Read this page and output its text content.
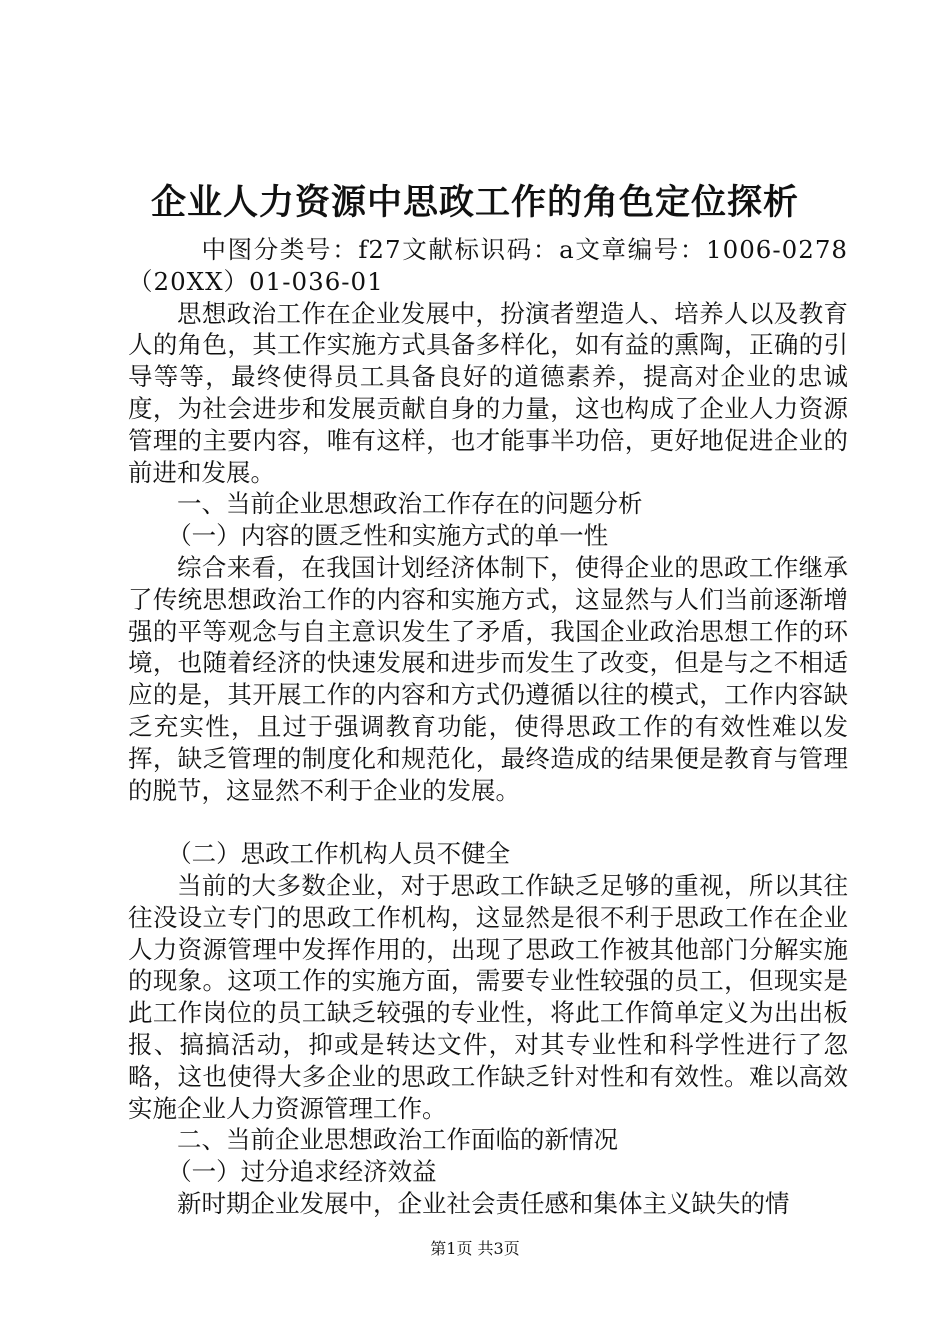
企业人力资源中思政工作的角色定位探析

中图分类号：f27文献标识码：a文章编号：1006-0278（20XX）01-036-01

思想政治工作在企业发展中，扮演者塑造人、培养人以及教育人的角色，其工作实施方式具备多样化，如有益的熏陶，正确的引导等等，最终使得员工具备良好的道德素养，提高对企业的忠诚度，为社会进步和发展贡献自身的力量，这也构成了企业人力资源管理的主要内容，唯有这样，也才能事半功倍，更好地促进企业的前进和发展。

一、当前企业思想政治工作存在的问题分析

（一）内容的匮乏性和实施方式的单一性

综合来看，在我国计划经济体制下，使得企业的思政工作继承了传统思想政治工作的内容和实施方式，这显然与人们当前逐渐增强的平等观念与自主意识发生了矛盾，我国企业政治思想工作的环境，也随着经济的快速发展和进步而发生了改变，但是与之不相适应的是，其开展工作的内容和方式仍遵循以往的模式，工作内容缺乏充实性，且过于强调教育功能，使得思政工作的有效性难以发挥，缺乏管理的制度化和规范化，最终造成的结果便是教育与管理的脱节，这显然不利于企业的发展。

（二）思政工作机构人员不健全

当前的大多数企业，对于思政工作缺乏足够的重视，所以其往往没设立专门的思政工作机构，这显然是很不利于思政工作在企业人力资源管理中发挥作用的，出现了思政工作被其他部门分解实施的现象。这项工作的实施方面，需要专业性较强的员工，但现实是此工作岗位的员工缺乏较强的专业性，将此工作简单定义为出出板报、搞搞活动，抑或是转达文件，对其专业性和科学性进行了忽略，这也使得大多企业的思政工作缺乏针对性和有效性。难以高效实施企业人力资源管理工作。

二、当前企业思想政治工作面临的新情况

（一）过分追求经济效益

新时期企业发展中，企业社会责任感和集体主义缺失的情

第1页 共3页
